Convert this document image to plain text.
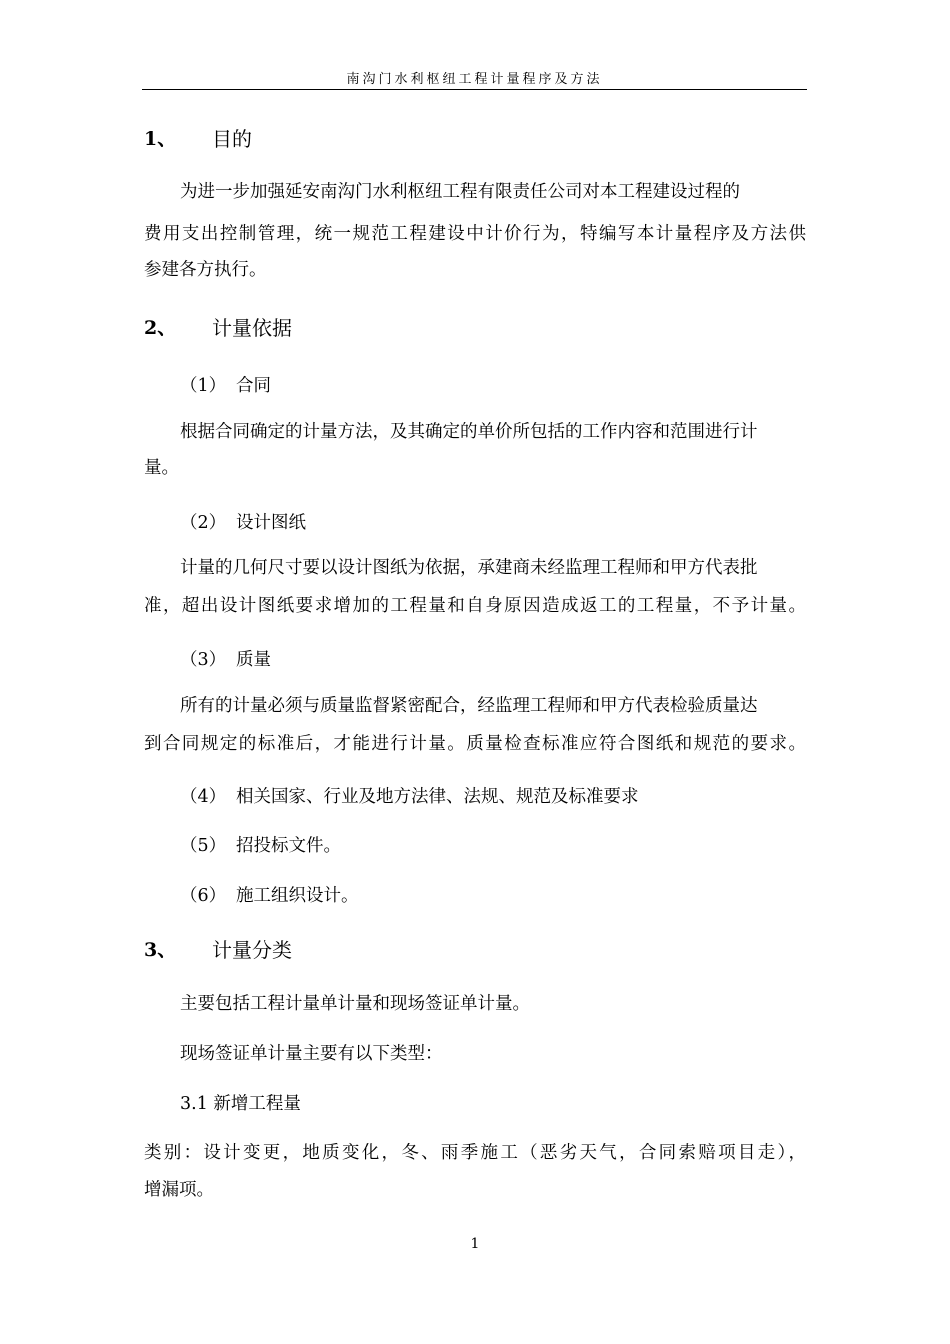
南沟门水利枢纽工程计量程序及方法
1、 目的
为进一步加强延安南沟门水利枢纽工程有限责任公司对本工程建设过程的
费用支出控制管理，统一规范工程建设中计价行为，特编写本计量程序及方法供
参建各方执行。
2、 计量依据
（1） 合同
根据合同确定的计量方法，及其确定的单价所包括的工作内容和范围进行计
量。
（2） 设计图纸
计量的几何尺寸要以设计图纸为依据，承建商未经监理工程师和甲方代表批
准，超出设计图纸要求增加的工程量和自身原因造成返工的工程量，不予计量。
（3） 质量
所有的计量必须与质量监督紧密配合，经监理工程师和甲方代表检验质量达
到合同规定的标准后，才能进行计量。质量检查标准应符合图纸和规范的要求。
（4） 相关国家、行业及地方法律、法规、规范及标准要求
（5） 招投标文件。
（6） 施工组织设计。
3、 计量分类
主要包括工程计量单计量和现场签证单计量。
现场签证单计量主要有以下类型：
3.1 新增工程量
类别：设计变更，地质变化，冬、雨季施工（恶劣天气，合同索赔项目走），
增漏项。
1
